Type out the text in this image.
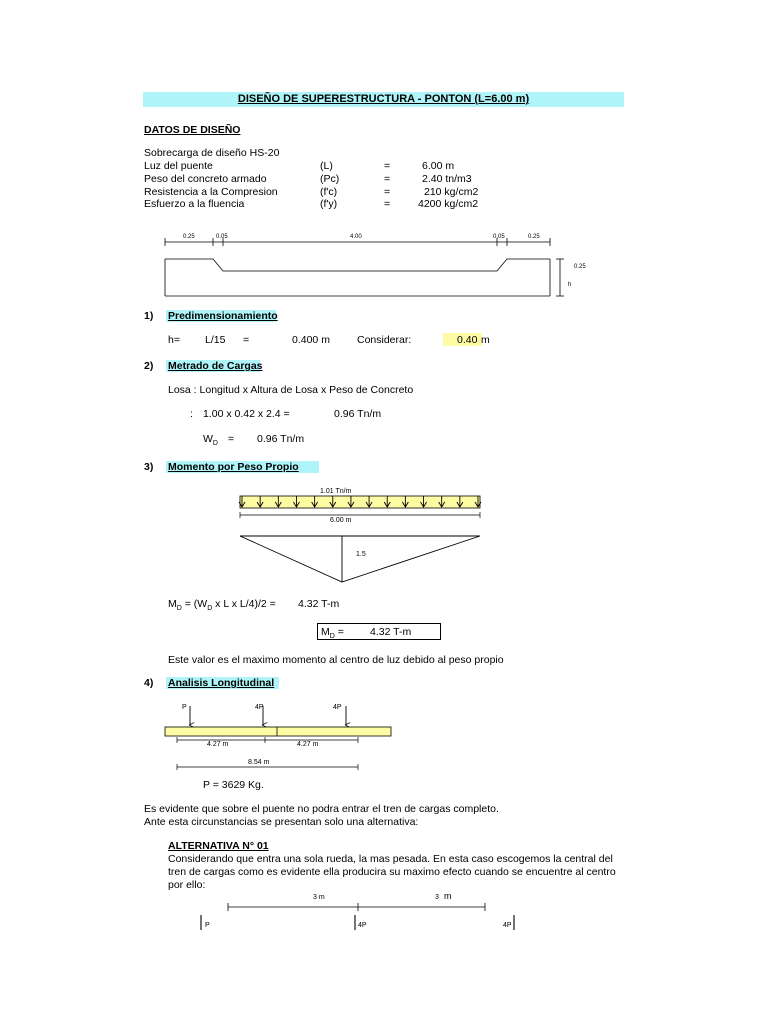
DISEÑO DE SUPERESTRUCTURA - PONTON (L=6.00 m)
DATOS DE DISEÑO
Sobrecarga de diseño HS-20
Luz del puente	(L)	=	6.00 m
Peso del concreto armado	(Pc)	=	2.40 tn/m3
Resistencia a la Compresion	(f'c)	=	210 kg/cm2
Esfuerzo a la fluencia	(f'y)	=	4200 kg/cm2
0.25	0.05	4.00	0.05	0.25
0.25
h
1) Predimensionamiento
h= L/15 =	0.400 m	Considerar:	0.40 m
2) Metrado de Cargas
Losa : Longitud x Altura de Losa x Peso de Concreto
: 1.00 x 0.42 x 2.4 =	0.96 Tn/m
$W_D = 0.96$ Tn/m
3) Momento por Peso Propio
1.01 Tn/m
6.00 m
1.5
$M_D = (W_D$ x L x L/4)/2 = 4.32 T-m
$M_D = 4.32$ T-m
Este valor es el maximo momento al centro de luz debido al peso propio
4) Analisis Longitudinal
P	4P	4P
4.27 m	4.27 m
8.54 m
P = 3629 Kg.
Es evidente que sobre el puente no podra entrar el tren de cargas completo.
Ante esta circunstancias se presentan solo una alternativa:
ALTERNATIVA N° 01
Considerando que entra una sola rueda, la mas pesada. En esta caso escogemos la central del
tren de cargas como es evidente ella producira su maximo efecto cuando se encuentre al centro
por ello:
3 m	3 m
P	4P	4P
